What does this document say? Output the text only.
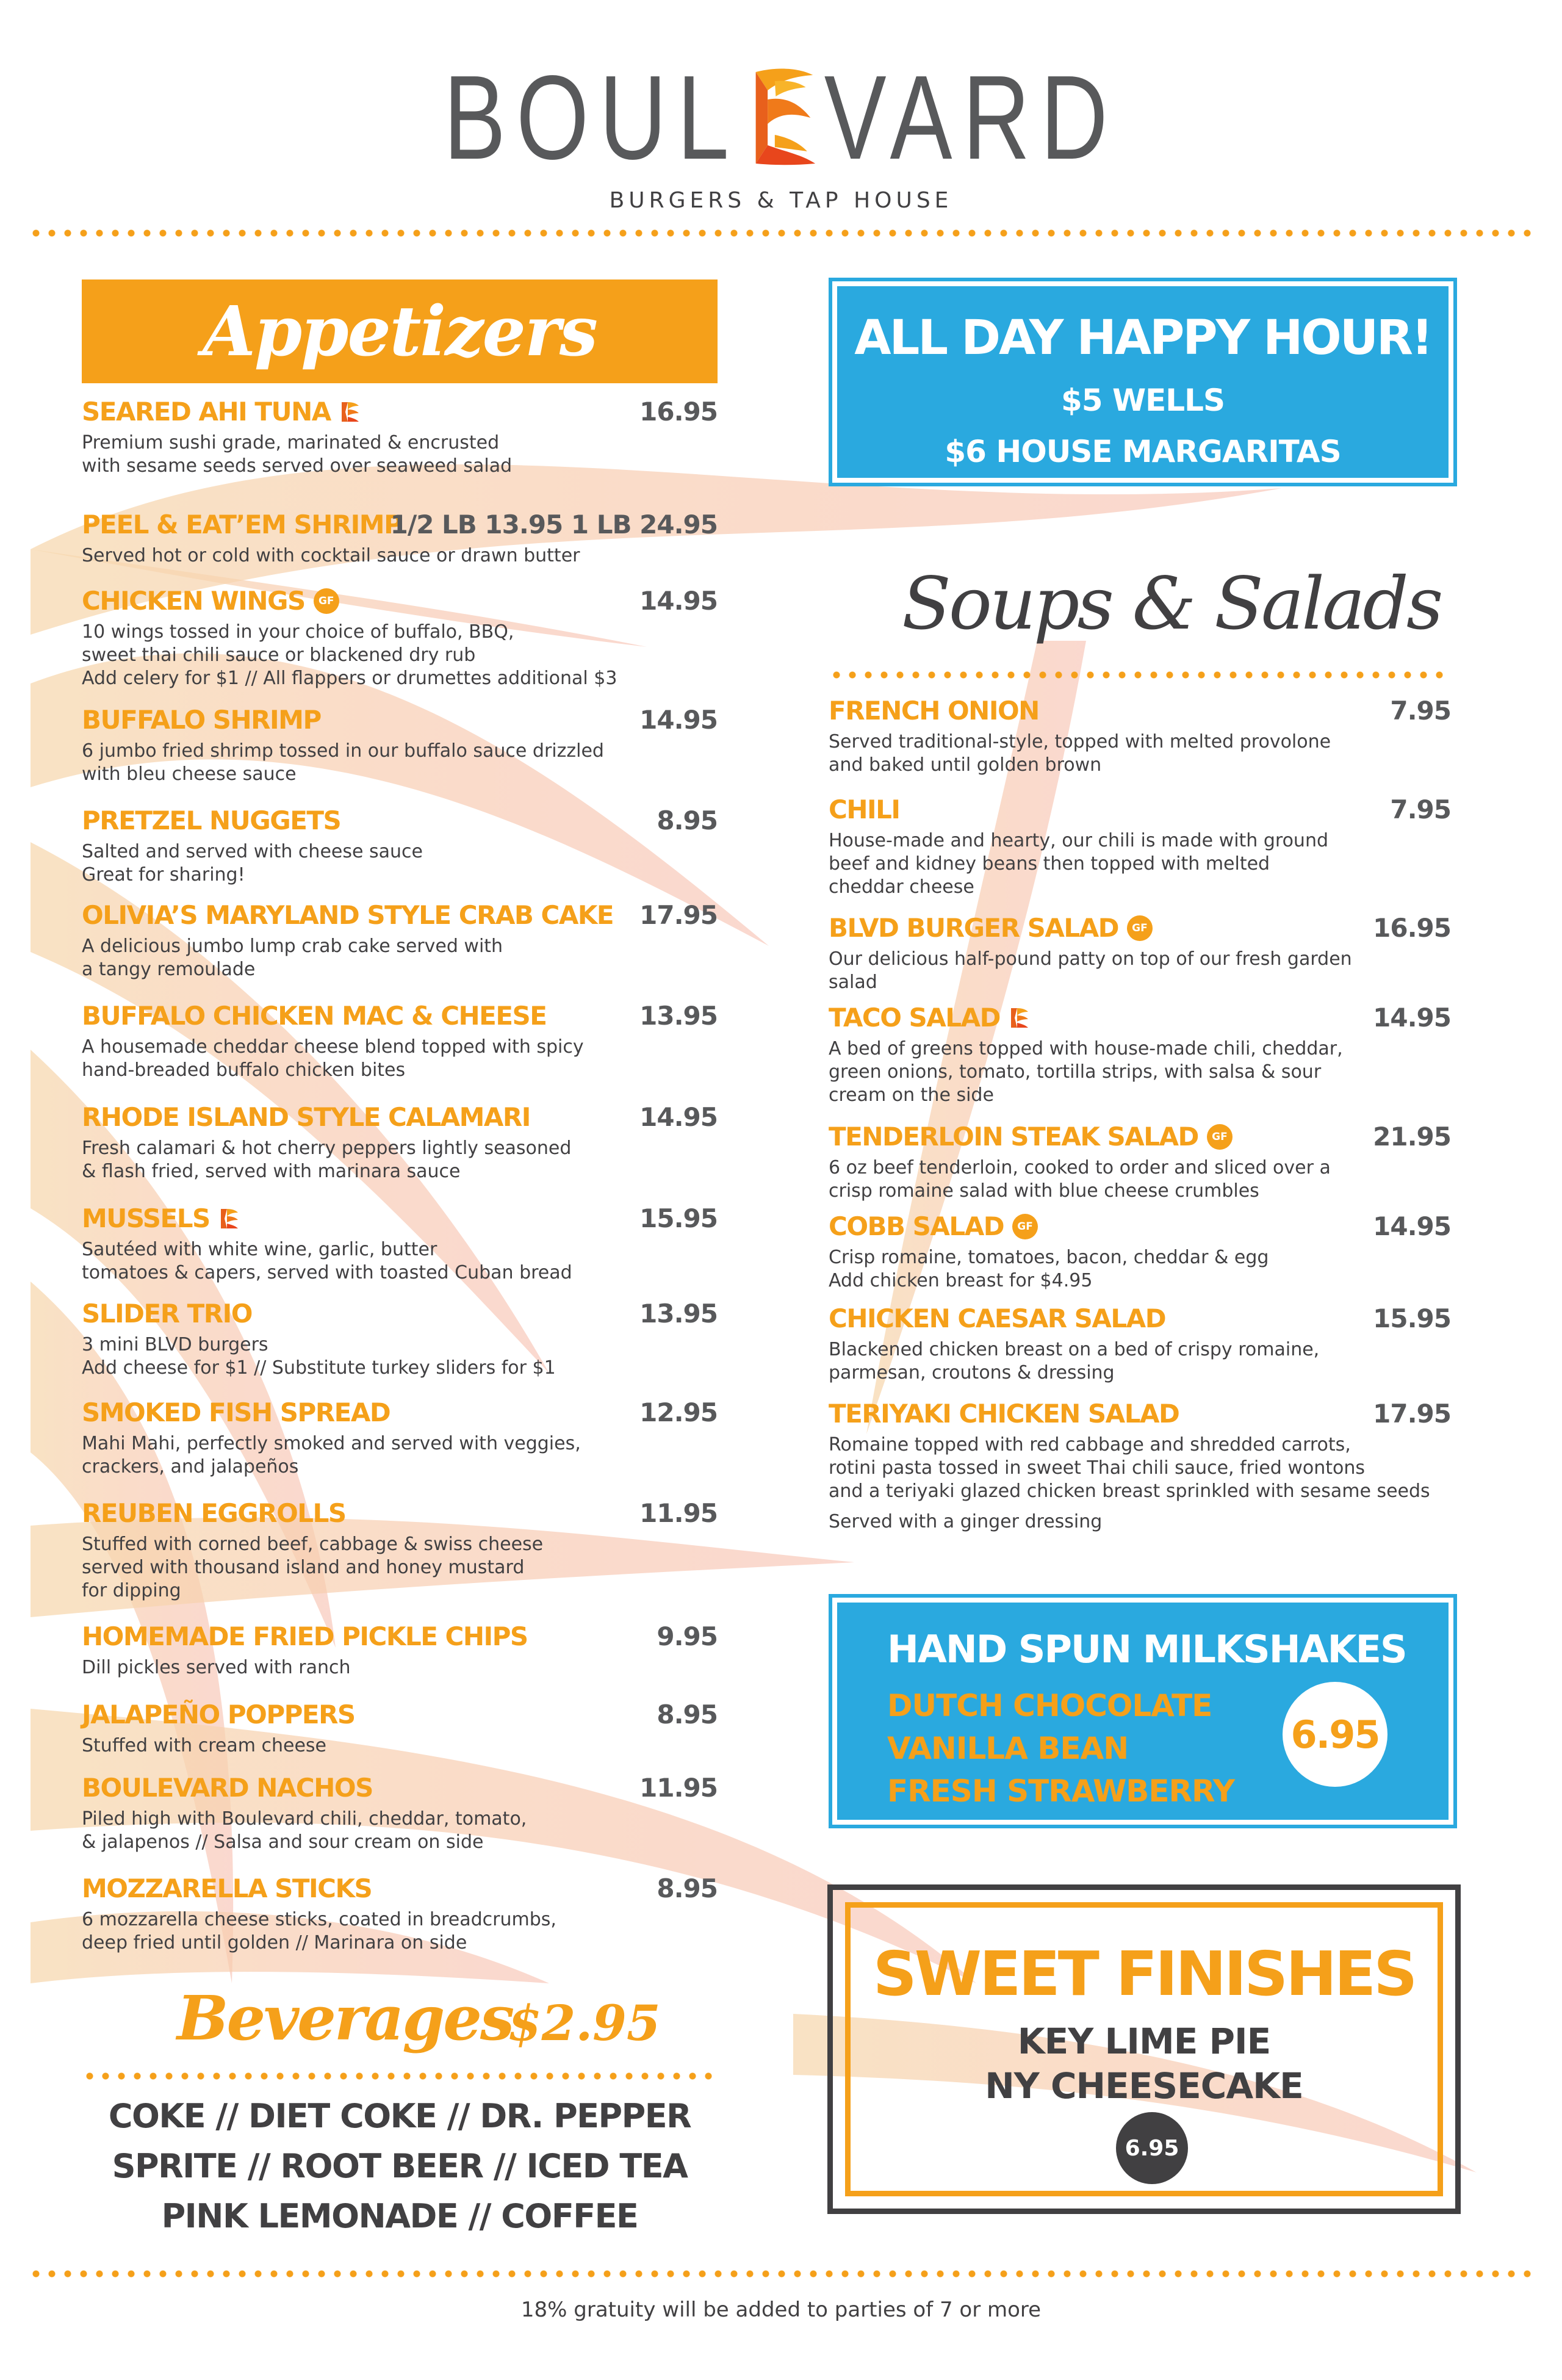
BOUL VARD
BURGERS & TAP HOUSE
Appetizers
SEARED AHI TUNA
Premium sushi grade, marinated & encrusted
with sesame seeds served over seaweed salad
16.95
PEEL & EAT’EM SHRIMP
Served hot or cold with cocktail sauce or drawn butter
1/2 LB 13.95 1 LB 24.95
CHICKEN WINGS	GF
10 wings tossed in your choice of buffalo, BBQ,
sweet thai chili sauce or blackened dry rub
Add celery for $1 // All flappers or drumettes additional $3
14.95
BUFFALO SHRIMP
6 jumbo fried shrimp tossed in our buffalo sauce drizzled
with bleu cheese sauce
14.95
PRETZEL NUGGETS
Salted and served with cheese sauce
Great for sharing!
8.95
OLIVIA’S MARYLAND STYLE CRAB CAKE
A delicious jumbo lump crab cake served with
a tangy remoulade
17.95
BUFFALO CHICKEN MAC & CHEESE
A housemade cheddar cheese blend topped with spicy
hand-breaded buffalo chicken bites
13.95
RHODE ISLAND STYLE CALAMARI
Fresh calamari & hot cherry peppers lightly seasoned
& flash fried, served with marinara sauce
14.95
MUSSELS
Sautéed with white wine, garlic, butter
tomatoes & capers, served with toasted Cuban bread
15.95
SLIDER TRIO
3 mini BLVD burgers
Add cheese for $1 // Substitute turkey sliders for $1
13.95
SMOKED FISH SPREAD
Mahi Mahi, perfectly smoked and served with veggies,
crackers, and jalapeños
12.95
REUBEN EGGROLLS
Stuffed with corned beef, cabbage & swiss cheese
served with thousand island and honey mustard
for dipping
11.95
HOMEMADE FRIED PICKLE CHIPS
Dill pickles served with ranch
9.95
JALAPEÑO POPPERS
Stuffed with cream cheese
8.95
BOULEVARD NACHOS
Piled high with Boulevard chili, cheddar, tomato,
& jalapenos // Salsa and sour cream on side
11.95
MOZZARELLA STICKS
6 mozzarella cheese sticks, coated in breadcrumbs,
deep fried until golden // Marinara on side
8.95
ALL DAY HAPPY HOUR!
$5 WELLS
$6 HOUSE MARGARITAS
Soups & Salads
FRENCH ONION
Served traditional-style, topped with melted provolone
and baked until golden brown
7.95
CHILI
House-made and hearty, our chili is made with ground
beef and kidney beans then topped with melted
cheddar cheese
7.95
BLVD BURGER SALAD	GF
Our delicious half-pound patty on top of our fresh garden
salad
16.95
TACO SALAD
A bed of greens topped with house-made chili, cheddar,
green onions, tomato, tortilla strips, with salsa & sour
cream on the side
14.95
TENDERLOIN STEAK SALAD	GF
6 oz beef tenderloin, cooked to order and sliced over a
crisp romaine salad with blue cheese crumbles
21.95
COBB SALAD	GF
Crisp romaine, tomatoes, bacon, cheddar & egg
Add chicken breast for $4.95
14.95
CHICKEN CAESAR SALAD
Blackened chicken breast on a bed of crispy romaine,
parmesan, croutons & dressing
15.95
TERIYAKI CHICKEN SALAD
Romaine topped with red cabbage and shredded carrots,
rotini pasta tossed in sweet Thai chili sauce, fried wontons
and a teriyaki glazed chicken breast sprinkled with sesame seeds
Served with a ginger dressing
17.95
HAND SPUN MILKSHAKES
DUTCH CHOCOLATE
VANILLA BEAN
FRESH STRAWBERRY
6.95
SWEET FINISHES
KEY LIME PIE
NY CHEESECAKE
6.95
Beverages
$2.95
COKE // DIET COKE // DR. PEPPER
SPRITE // ROOT BEER // ICED TEA
PINK LEMONADE // COFFEE
18% gratuity will be added to parties of 7 or more
